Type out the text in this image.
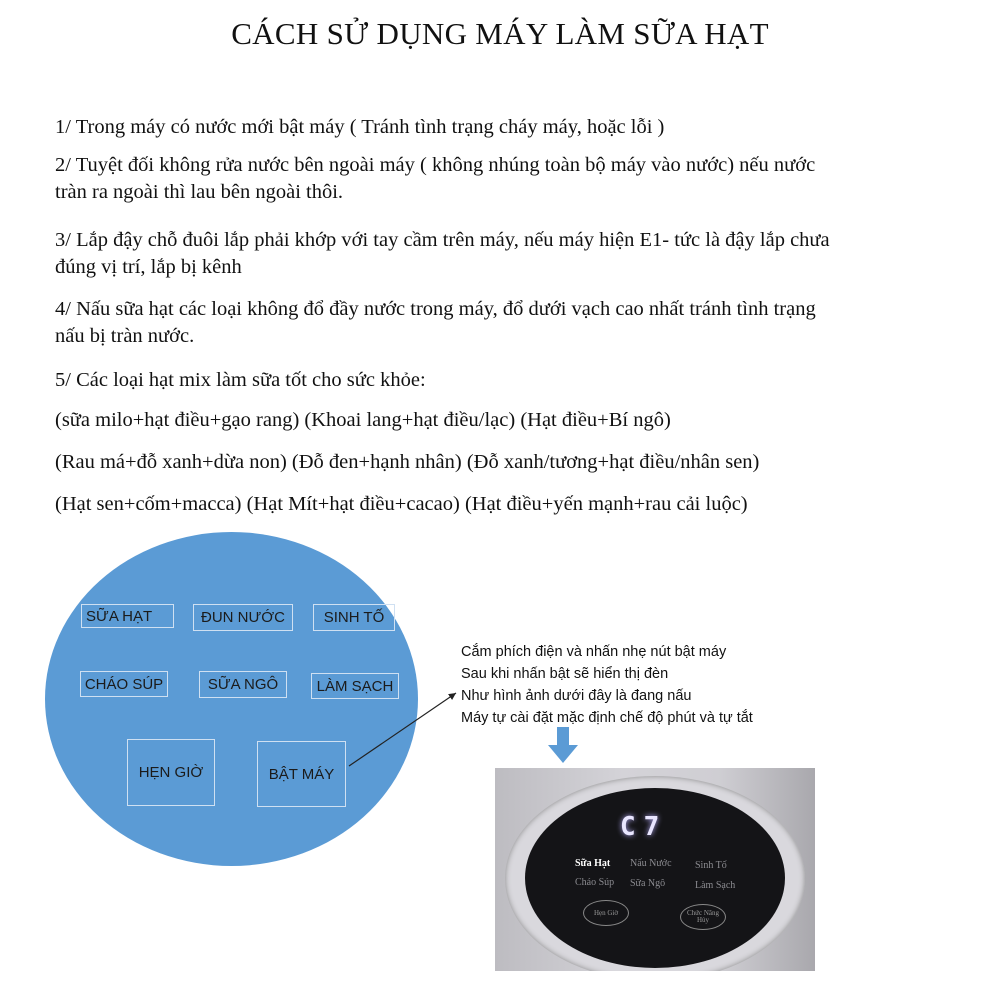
CÁCH SỬ DỤNG MÁY LÀM SỮA HẠT
1/ Trong máy có nước mới bật máy ( Tránh tình trạng cháy máy, hoặc lỗi )
2/ Tuyệt đối không rửa nước bên ngoài máy ( không nhúng toàn bộ máy vào nước) nếu nước
tràn ra ngoài thì lau bên ngoài thôi.
3/ Lắp đậy chỗ đuôi lắp phải khớp với tay cầm trên máy, nếu máy hiện E1- tức là đậy lắp chưa
đúng vị trí, lắp bị kênh
4/ Nấu sữa hạt các loại không đổ đầy nước trong máy, đổ dưới vạch cao nhất tránh tình trạng
nấu bị tràn nước.
5/ Các loại hạt mix làm sữa tốt cho sức khỏe:
(sữa milo+hạt điều+gạo rang) (Khoai lang+hạt điều/lạc) (Hạt điều+Bí ngô)
(Rau má+đỗ xanh+dừa non) (Đỗ đen+hạnh nhân) (Đỗ xanh/tương+hạt điều/nhân sen)
(Hạt sen+cốm+macca) (Hạt Mít+hạt điều+cacao) (Hạt điều+yến mạnh+rau cải luộc)
SỮA HẠT	ĐUN NƯỚC	SINH TỐ
CHÁO SÚP	SỮA NGÔ	LÀM SẠCH
HẸN GIỜ	BẬT MÁY
Cắm phích điện và nhấn nhẹ nút bật máy
Sau khi nhấn bật sẽ hiển thị đèn
Như hình ảnh dưới đây là đang nấu
Máy tự cài đặt mặc định chế độ phút và tự tắt
C7
Sữa Hạt Nấu Nước Sinh Tố
Cháo Súp Sữa Ngô	Làm Sạch
Hẹn Giờ	Chức Năng Hủy
